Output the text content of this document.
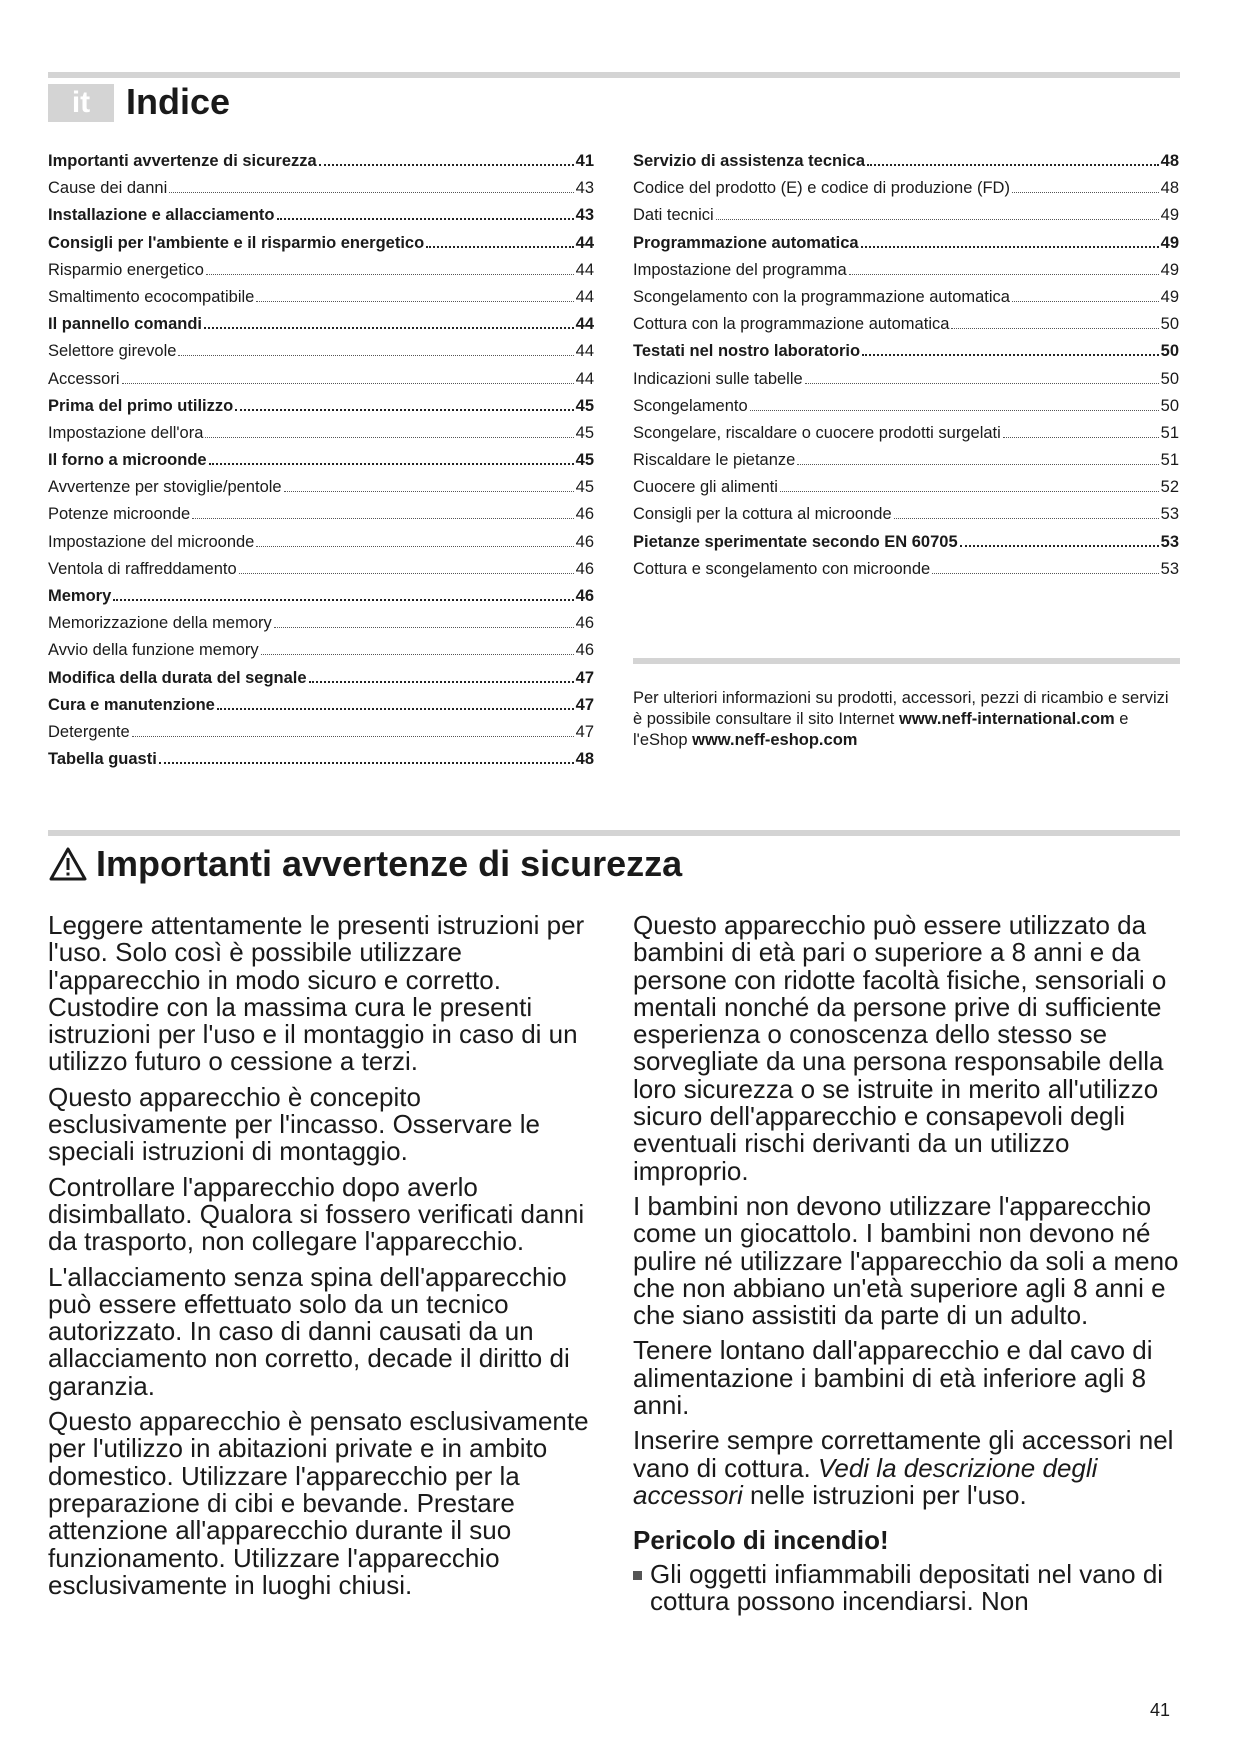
it Indice
Importanti avvertenze di sicurezza	41
Cause dei danni	43
Installazione e allacciamento	43
Consigli per l'ambiente e il risparmio energetico	44
Risparmio energetico	44
Smaltimento ecocompatibile	44
Il pannello comandi	44
Selettore girevole	44
Accessori	44
Prima del primo utilizzo	45
Impostazione dell'ora	45
Il forno a microonde	45
Avvertenze per stoviglie/pentole	45
Potenze microonde	46
Impostazione del microonde	46
Ventola di raffreddamento	46
Memory	46
Memorizzazione della memory	46
Avvio della funzione memory	46
Modifica della durata del segnale	47
Cura e manutenzione	47
Detergente	47
Tabella guasti	48
Servizio di assistenza tecnica	48
Codice del prodotto (E) e codice di produzione (FD)	48
Dati tecnici	49
Programmazione automatica	49
Impostazione del programma	49
Scongelamento con la programmazione automatica	49
Cottura con la programmazione automatica	50
Testati nel nostro laboratorio	50
Indicazioni sulle tabelle	50
Scongelamento	50
Scongelare, riscaldare o cuocere prodotti surgelati	51
Riscaldare le pietanze	51
Cuocere gli alimenti	52
Consigli per la cottura al microonde	53
Pietanze sperimentate secondo EN 60705	53
Cottura e scongelamento con microonde	53

Per ulteriori informazioni su prodotti, accessori, pezzi di ricambio e servizi è possibile consultare il sito Internet www.neff-international.com e l'eShop www.neff-eshop.com

Importanti avvertenze di sicurezza

Leggere attentamente le presenti istruzioni per l'uso. Solo così è possibile utilizzare l'apparecchio in modo sicuro e corretto. Custodire con la massima cura le presenti istruzioni per l'uso e il montaggio in caso di un utilizzo futuro o cessione a terzi.

Questo apparecchio è concepito esclusivamente per l'incasso. Osservare le speciali istruzioni di montaggio.

Controllare l'apparecchio dopo averlo disimballato. Qualora si fossero verificati danni da trasporto, non collegare l'apparecchio.

L'allacciamento senza spina dell'apparecchio può essere effettuato solo da un tecnico autorizzato. In caso di danni causati da un allacciamento non corretto, decade il diritto di garanzia.

Questo apparecchio è pensato esclusivamente per l'utilizzo in abitazioni private e in ambito domestico. Utilizzare l'apparecchio per la preparazione di cibi e bevande. Prestare attenzione all'apparecchio durante il suo funzionamento. Utilizzare l'apparecchio esclusivamente in luoghi chiusi.

Questo apparecchio può essere utilizzato da bambini di età pari o superiore a 8 anni e da persone con ridotte facoltà fisiche, sensoriali o mentali nonché da persone prive di sufficiente esperienza o conoscenza dello stesso se sorvegliate da una persona responsabile della loro sicurezza o se istruite in merito all'utilizzo sicuro dell'apparecchio e consapevoli degli eventuali rischi derivanti da un utilizzo improprio.

I bambini non devono utilizzare l'apparecchio come un giocattolo. I bambini non devono né pulire né utilizzare l'apparecchio da soli a meno che non abbiano un'età superiore agli 8 anni e che siano assistiti da parte di un adulto.

Tenere lontano dall'apparecchio e dal cavo di alimentazione i bambini di età inferiore agli 8 anni.

Inserire sempre correttamente gli accessori nel vano di cottura. Vedi la descrizione degli accessori nelle istruzioni per l'uso.

Pericolo di incendio!

Gli oggetti infiammabili depositati nel vano di cottura possono incendiarsi. Non
41
